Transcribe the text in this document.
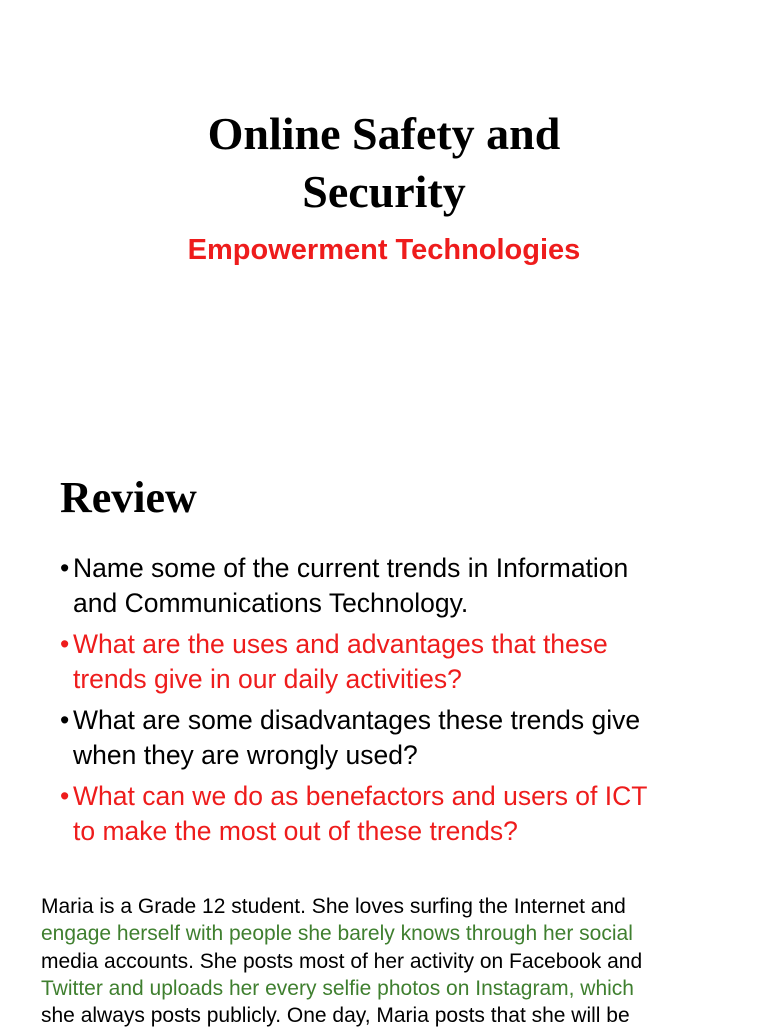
Online Safety and
Security
Empowerment Technologies
Review
• Name some of the current trends in Information
and Communications Technology.
• What are the uses and advantages that these
trends give in our daily activities?
• What are some disadvantages these trends give
when they are wrongly used?
• What can we do as benefactors and users of ICT
to make the most out of these trends?

Maria is a Grade 12 student. She loves surfing the Internet and
engage herself with people she barely knows through her social
media accounts. She posts most of her activity on Facebook and
Twitter and uploads her every selfie photos on Instagram, which
she always posts publicly. One day, Maria posts that she will be
